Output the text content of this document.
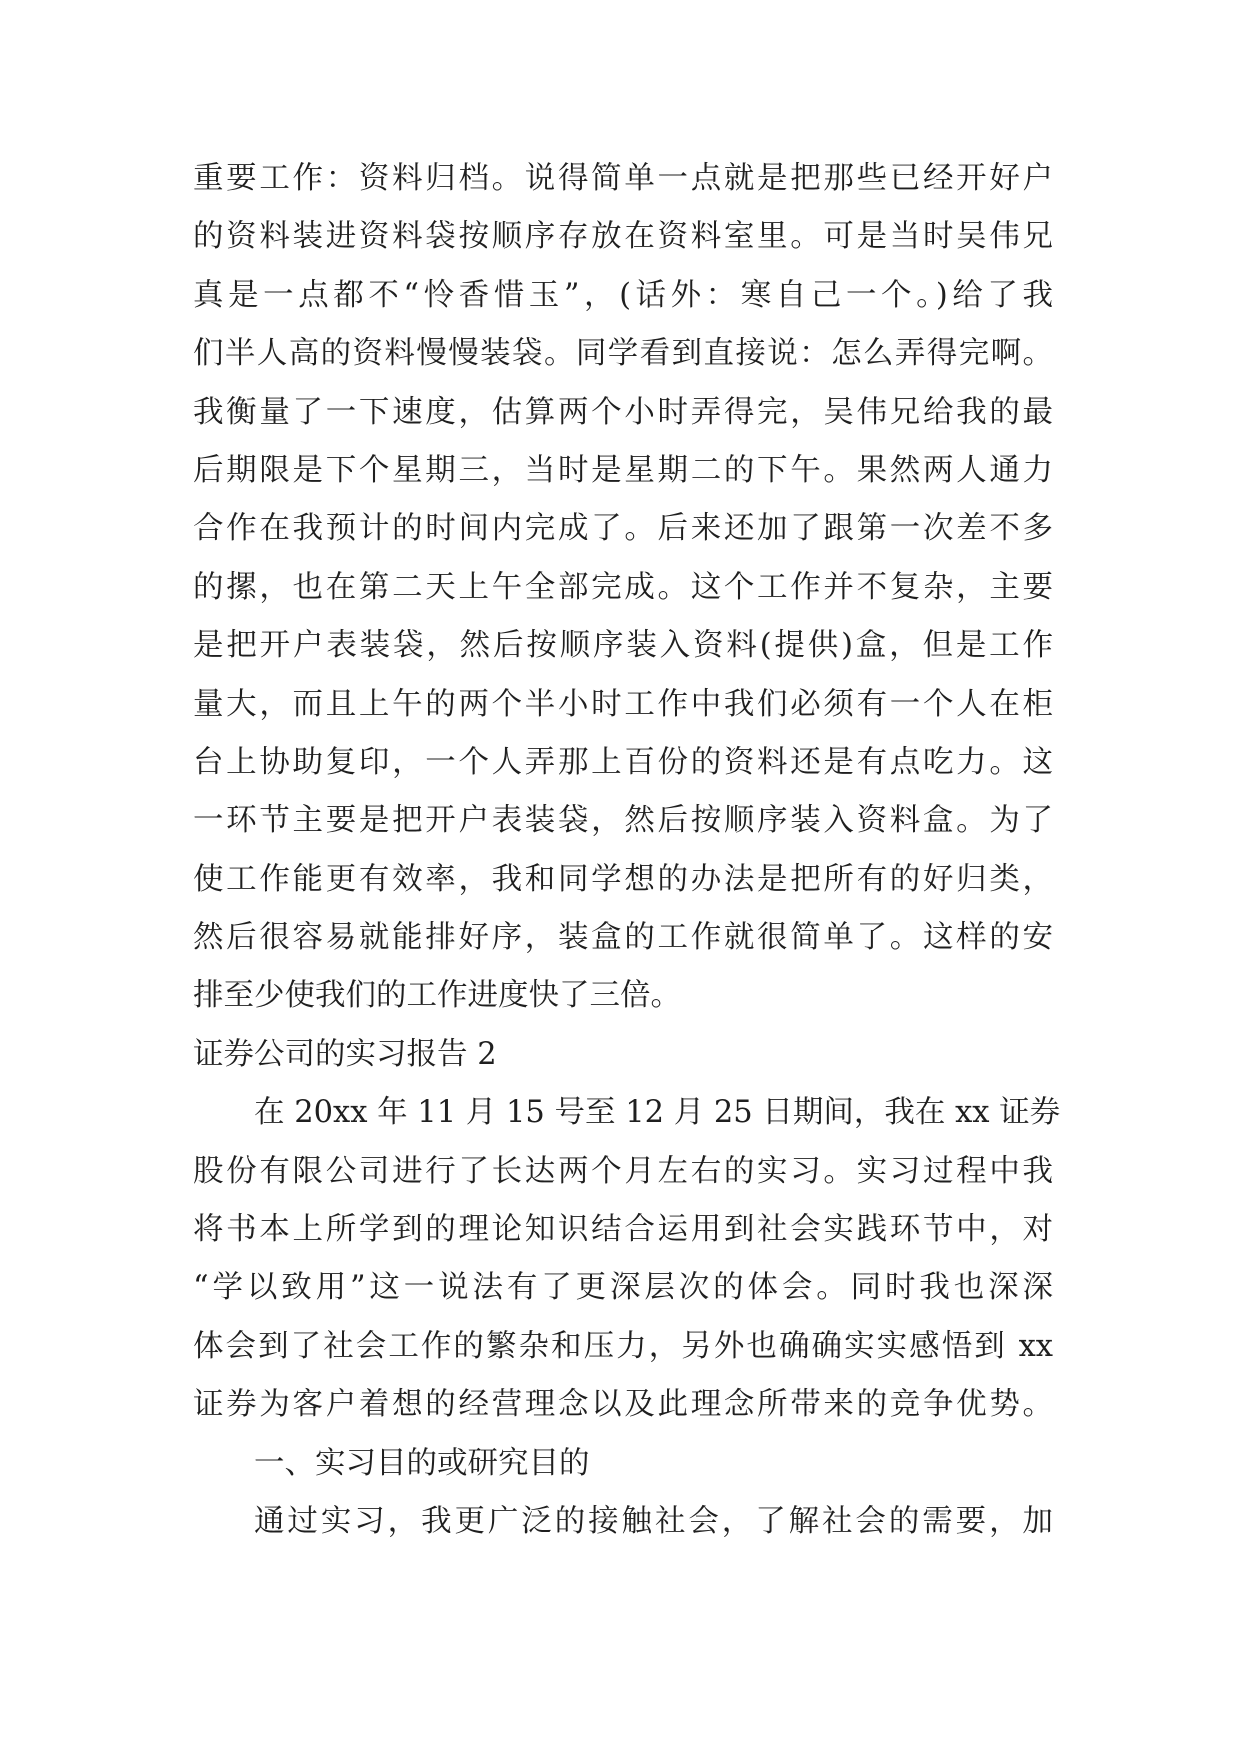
重要工作：资料归档。说得简单一点就是把那些已经开好户
的资料装进资料袋按顺序存放在资料室里。可是当时吴伟兄
真是一点都不“怜香惜玉”，(话外：寒自己一个。)给了我
们半人高的资料慢慢装袋。同学看到直接说：怎么弄得完啊。
我衡量了一下速度，估算两个小时弄得完，吴伟兄给我的最
后期限是下个星期三，当时是星期二的下午。果然两人通力
合作在我预计的时间内完成了。后来还加了跟第一次差不多
的摞，也在第二天上午全部完成。这个工作并不复杂，主要
是把开户表装袋，然后按顺序装入资料(提供)盒，但是工作
量大，而且上午的两个半小时工作中我们必须有一个人在柜
台上协助复印，一个人弄那上百份的资料还是有点吃力。这
一环节主要是把开户表装袋，然后按顺序装入资料盒。为了
使工作能更有效率，我和同学想的办法是把所有的好归类，
然后很容易就能排好序，装盒的工作就很简单了。这样的安
排至少使我们的工作进度快了三倍。
证券公司的实习报告 2
在 20xx 年 11 月 15 号至 12 月 25 日期间，我在 xx 证券
股份有限公司进行了长达两个月左右的实习。实习过程中我
将书本上所学到的理论知识结合运用到社会实践环节中，对
“学以致用”这一说法有了更深层次的体会。同时我也深深
体会到了社会工作的繁杂和压力，另外也确确实实感悟到 xx
证券为客户着想的经营理念以及此理念所带来的竞争优势。
一、实习目的或研究目的
通过实习，我更广泛的接触社会，了解社会的需要，加
